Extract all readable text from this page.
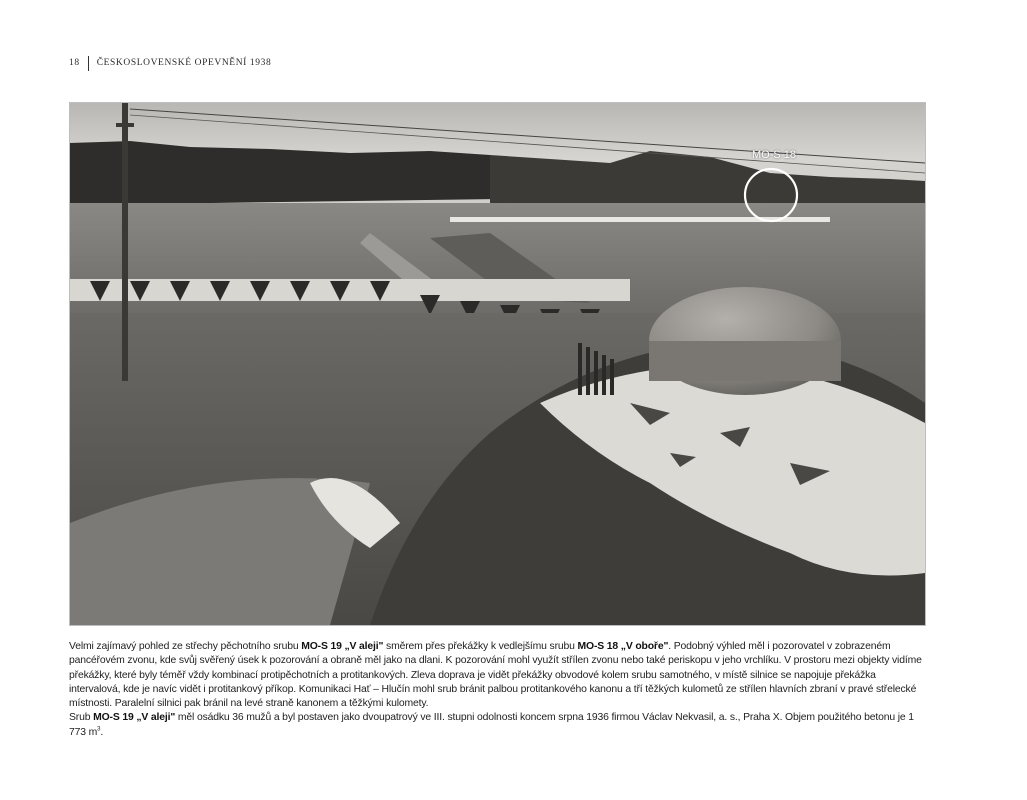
18 ČESKOSLOVENSKÉ OPEVNĚNÍ 1938
MO-S 18

Velmi zajímavý pohled ze střechy pěchotního srubu MO-S 19 „V aleji" směrem přes překážky k vedlejšímu srubu MO-S 18 „V oboře". Podobný výhled měl i pozorovatel v zobrazeném pancéřovém zvonu, kde svůj svěřený úsek k pozorování a obraně měl jako na dlani. K pozorování mohl využít střílen zvonu nebo také periskopu v jeho vrchlíku. V prostoru mezi objekty vidíme překážky, které byly téměř vždy kombinací protipěchotních a protitankových. Zleva doprava je vidět překážky obvodové kolem srubu samotného, v místě silnice se napojuje překážka intervalová, kde je navíc vidět i protitankový příkop. Komunikaci Hať – Hlučín mohl srub bránit palbou protitankového kanonu a tří těžkých kulometů ze střílen hlavních zbraní v pravé střelecké místnosti. Paralelní silnici pak bránil na levé straně kanonem a těžkými kulomety.

Srub MO-S 19 „V aleji" měl osádku 36 mužů a byl postaven jako dvoupatrový ve III. stupni odolnosti koncem srpna 1936 firmou Václav Nekvasil, a. s., Praha X. Objem použitého betonu je 1 773 $m^3$.
